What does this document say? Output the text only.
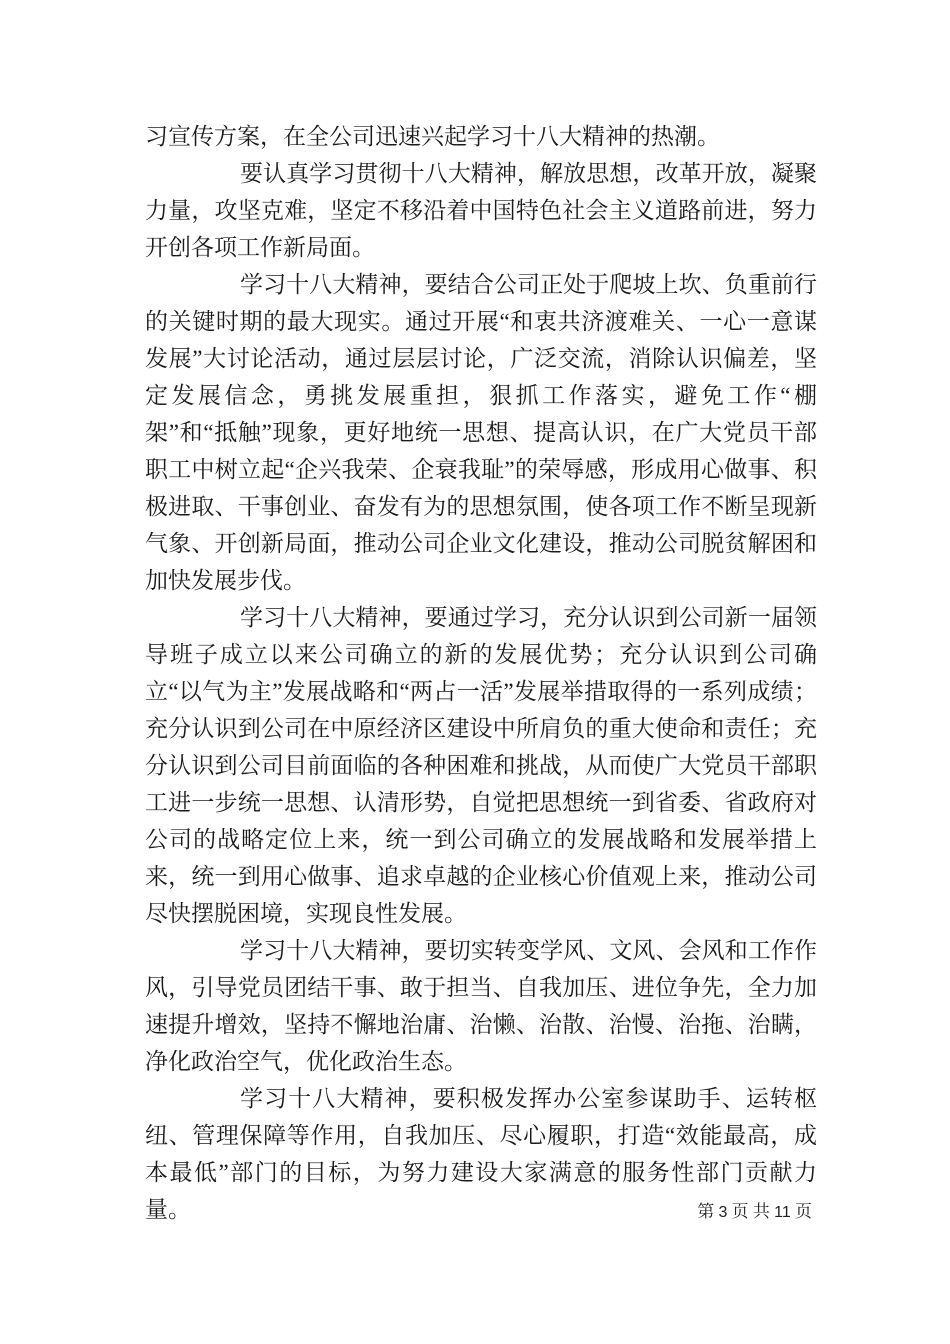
习宣传方案，在全公司迅速兴起学习十八大精神的热潮。

要认真学习贯彻十八大精神，解放思想，改革开放，凝聚力量，攻坚克难，坚定不移沿着中国特色社会主义道路前进，努力开创各项工作新局面。

学习十八大精神，要结合公司正处于爬坡上坎、负重前行的关键时期的最大现实。通过开展“和衷共济渡难关、一心一意谋发展”大讨论活动，通过层层讨论，广泛交流，消除认识偏差，坚定发展信念，勇挑发展重担，狠抓工作落实，避免工作“棚架”和“抵触”现象，更好地统一思想、提高认识，在广大党员干部职工中树立起“企兴我荣、企衰我耻”的荣辱感，形成用心做事、积极进取、干事创业、奋发有为的思想氛围，使各项工作不断呈现新气象、开创新局面，推动公司企业文化建设，推动公司脱贫解困和加快发展步伐。

学习十八大精神，要通过学习，充分认识到公司新一届领导班子成立以来公司确立的新的发展优势；充分认识到公司确立“以气为主”发展战略和“两占一活”发展举措取得的一系列成绩；充分认识到公司在中原经济区建设中所肩负的重大使命和责任；充分认识到公司目前面临的各种困难和挑战，从而使广大党员干部职工进一步统一思想、认清形势，自觉把思想统一到省委、省政府对公司的战略定位上来，统一到公司确立的发展战略和发展举措上来，统一到用心做事、追求卓越的企业核心价值观上来，推动公司尽快摆脱困境，实现良性发展。

学习十八大精神，要切实转变学风、文风、会风和工作作风，引导党员团结干事、敢于担当、自我加压、进位争先，全力加速提升增效，坚持不懈地治庸、治懒、治散、治慢、治拖、治瞒，净化政治空气，优化政治生态。

学习十八大精神，要积极发挥办公室参谋助手、运转枢纽、管理保障等作用，自我加压、尽心履职，打造“效能最高，成本最低”部门的目标，为努力建设大家满意的服务性部门贡献力量。	第 3 页 共 11 页
